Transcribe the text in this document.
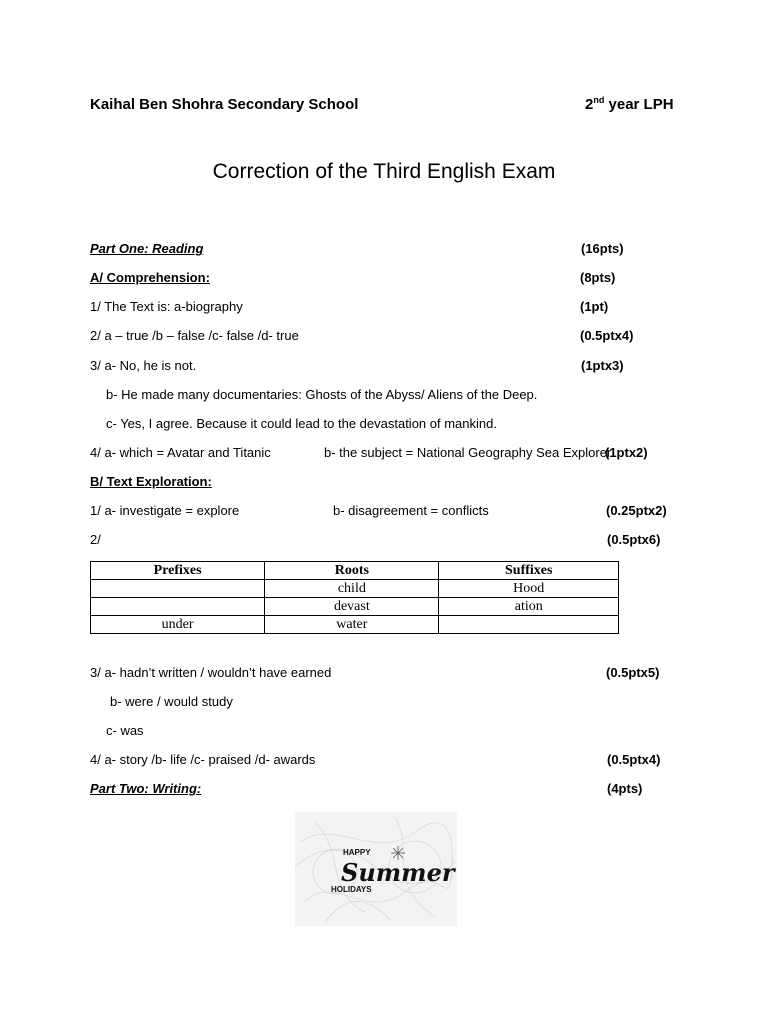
Kaihal Ben Shohra Secondary School	2nd year LPH
Correction of the Third English Exam
Part One: Reading	(16pts)
A/ Comprehension:	(8pts)
1/ The Text is: a-biography	(1pt)
2/ a – true /b – false /c- false /d- true	(0.5ptx4)
3/ a- No, he is not.	(1ptx3)
b- He made many documentaries: Ghosts of the Abyss/ Aliens of the Deep.
c- Yes, I agree. Because it could lead to the devastation of mankind.
4/ a- which = Avatar and Titanic	b- the subject = National Geography Sea Explorer
(1ptx2)
B/ Text Exploration:
1/ a- investigate = explore	b- disagreement = conflicts	(0.25ptx2)
2/	(0.5ptx6)
Prefixes	Roots	Suffixes
	child	Hood
	devast	ation
under	water	
3/ a- hadn’t written / wouldn’t have earned	(0.5ptx5)
b- were / would study
c- was
4/ a- story /b- life /c- praised /d- awards	(0.5ptx4)
Part Two: Writing:	(4pts)
HAPPY
Summer
HOLIDAYS
